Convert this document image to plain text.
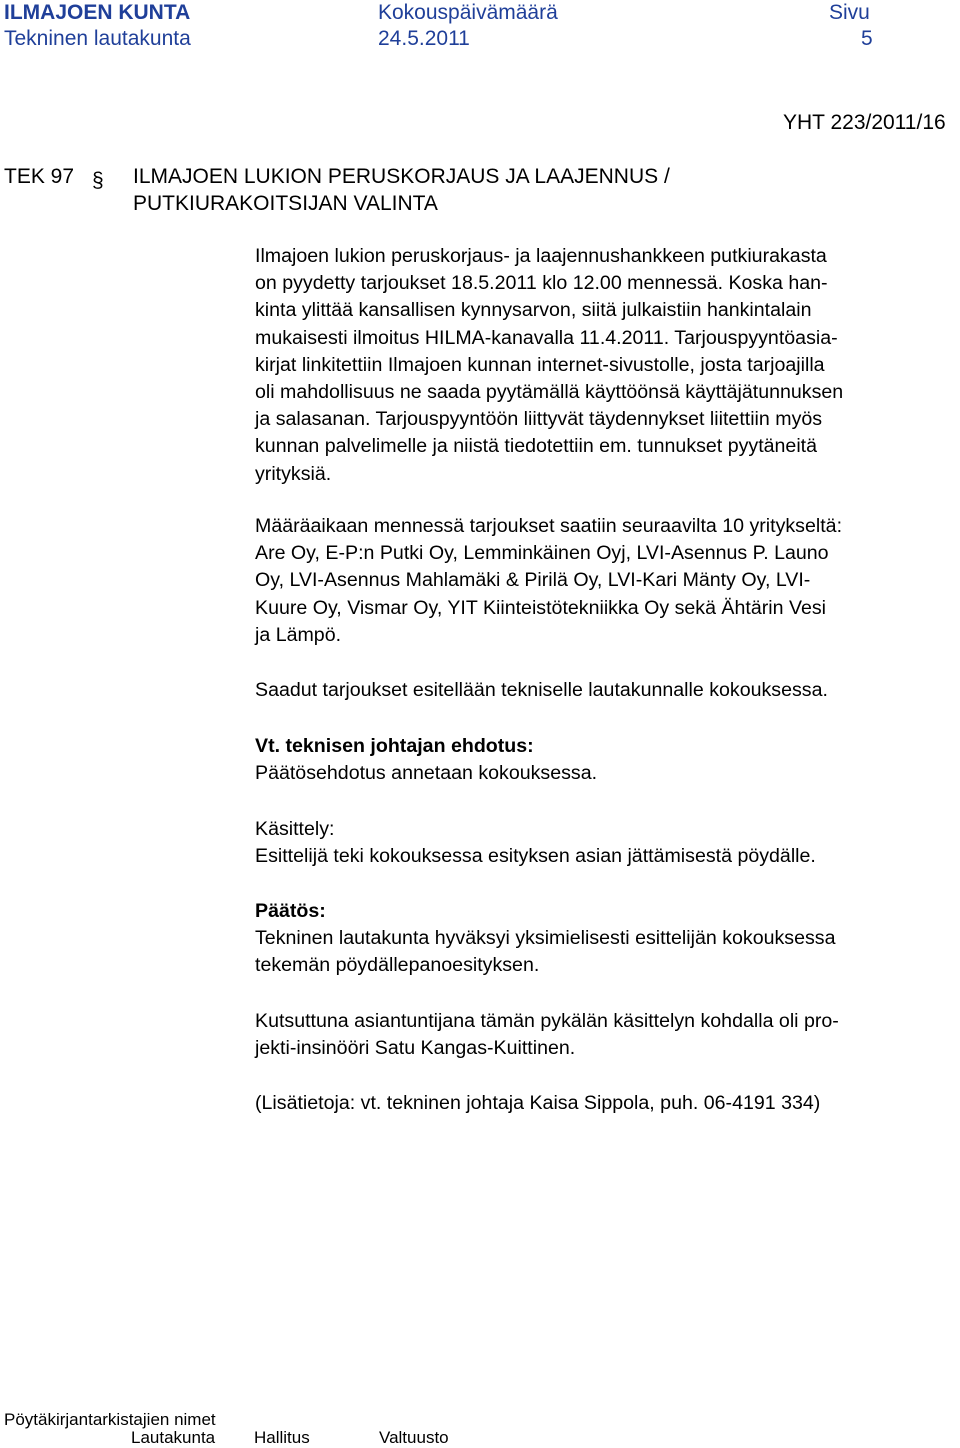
ILMAJOEN KUNTA	Kokouspäivämäärä	Sivu
Tekninen lautakunta	24.5.2011	5
YHT 223/2011/16
TEK 97 § ILMAJOEN LUKION PERUSKORJAUS JA LAAJENNUS /
PUTKIURAKOITSIJAN VALINTA
Ilmajoen lukion peruskorjaus- ja laajennushankkeen putkiurakasta
on pyydetty tarjoukset 18.5.2011 klo 12.00 mennessä. Koska han-
kinta ylittää kansallisen kynnysarvon, siitä julkaistiin hankintalain
mukaisesti ilmoitus HILMA-kanavalla 11.4.2011. Tarjouspyyntöasia-
kirjat linkitettiin Ilmajoen kunnan internet-sivustolle, josta tarjoajilla
oli mahdollisuus ne saada pyytämällä käyttöönsä käyttäjätunnuksen
ja salasanan. Tarjouspyyntöön liittyvät täydennykset liitettiin myös
kunnan palvelimelle ja niistä tiedotettiin em. tunnukset pyytäneitä
yrityksiä.
Määräaikaan mennessä tarjoukset saatiin seuraavilta 10 yritykseltä:
Are Oy, E-P:n Putki Oy, Lemminkäinen Oyj, LVI-Asennus P. Launo
Oy, LVI-Asennus Mahlamäki & Pirilä Oy, LVI-Kari Mänty Oy, LVI-
Kuure Oy, Vismar Oy, YIT Kiinteistötekniikka Oy sekä Ähtärin Vesi
ja Lämpö.
Saadut tarjoukset esitellään tekniselle lautakunnalle kokouksessa.
Vt. teknisen johtajan ehdotus:
Päätösehdotus annetaan kokouksessa.
Käsittely:
Esittelijä teki kokouksessa esityksen asian jättämisestä pöydälle.
Päätös:
Tekninen lautakunta hyväksyi yksimielisesti esittelijän kokouksessa
tekemän pöydällepanoesityksen.
Kutsuttuna asiantuntijana tämän pykälän käsittelyn kohdalla oli pro-
jekti-insinööri Satu Kangas-Kuittinen.
(Lisätietoja: vt. tekninen johtaja Kaisa Sippola, puh. 06-4191 334)
Pöytäkirjantarkistajien nimet
Lautakunta Hallitus	Valtuusto
